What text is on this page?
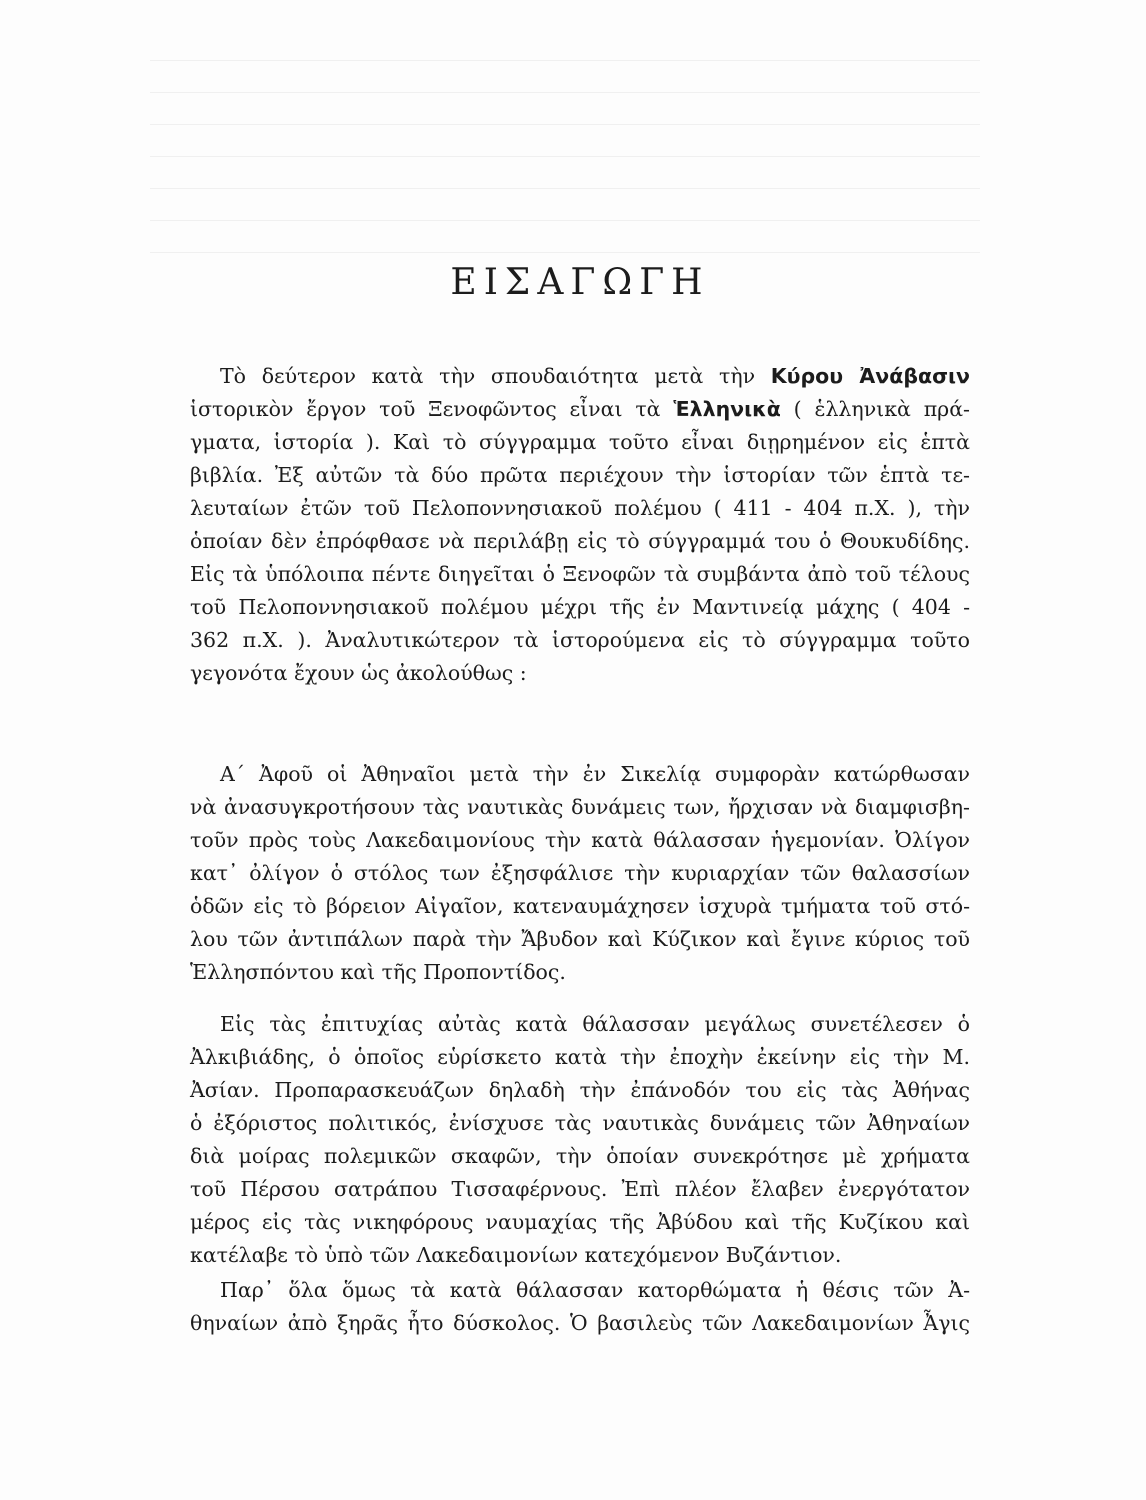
ΕΙΣΑΓΩΓΗ

Τὸ δεύτερον κατὰ τὴν σπουδαιότητα μετὰ τὴν Κύρου Ἀνάβασιν
ἱστορικὸν ἔργον τοῦ Ξενοφῶντος εἶναι τὰ Ἑλληνικὰ ( ἑλληνικὰ πρά-
γματα, ἱστορία ). Καὶ τὸ σύγγραμμα τοῦτο εἶναι διῃρημένον εἰς ἑπτὰ
βιβλία. Ἐξ αὐτῶν τὰ δύο πρῶτα περιέχουν τὴν ἱστορίαν τῶν ἑπτὰ τε-
λευταίων ἐτῶν τοῦ Πελοποννησιακοῦ πολέμου ( 411 - 404 π.Χ. ), τὴν
ὁποίαν δὲν ἐπρόφθασε νὰ περιλάβῃ εἰς τὸ σύγγραμμά του ὁ Θουκυδίδης.
Εἰς τὰ ὑπόλοιπα πέντε διηγεῖται ὁ Ξενοφῶν τὰ συμβάντα ἀπὸ τοῦ τέλους
τοῦ Πελοποννησιακοῦ πολέμου μέχρι τῆς ἐν Μαντινείᾳ μάχης ( 404 -
362 π.Χ. ). Ἀναλυτικώτερον τὰ ἱστορούμενα εἰς τὸ σύγγραμμα τοῦτο
γεγονότα ἔχουν ὡς ἀκολούθως :

Α΄ Ἀφοῦ οἱ Ἀθηναῖοι μετὰ τὴν ἐν Σικελίᾳ συμφορὰν κατώρθωσαν
νὰ ἀνασυγκροτήσουν τὰς ναυτικὰς δυνάμεις των, ἤρχισαν νὰ διαμφισβη-
τοῦν πρὸς τοὺς Λακεδαιμονίους τὴν κατὰ θάλασσαν ἡγεμονίαν. Ὀλίγον
κατ᾽ ὀλίγον ὁ στόλος των ἐξησφάλισε τὴν κυριαρχίαν τῶν θαλασσίων
ὁδῶν εἰς τὸ βόρειον Αἰγαῖον, κατεναυμάχησεν ἰσχυρὰ τμήματα τοῦ στό-
λου τῶν ἀντιπάλων παρὰ τὴν Ἄβυδον καὶ Κύζικον καὶ ἔγινε κύριος τοῦ
Ἑλλησπόντου καὶ τῆς Προποντίδος.

Εἰς τὰς ἐπιτυχίας αὐτὰς κατὰ θάλασσαν μεγάλως συνετέλεσεν ὁ
Ἀλκιβιάδης, ὁ ὁποῖος εὑρίσκετο κατὰ τὴν ἐποχὴν ἐκείνην εἰς τὴν Μ.
Ἀσίαν. Προπαρασκευάζων δηλαδὴ τὴν ἐπάνοδόν του εἰς τὰς Ἀθήνας
ὁ ἐξόριστος πολιτικός, ἐνίσχυσε τὰς ναυτικὰς δυνάμεις τῶν Ἀθηναίων
διὰ μοίρας πολεμικῶν σκαφῶν, τὴν ὁποίαν συνεκρότησε μὲ χρήματα
τοῦ Πέρσου σατράπου Τισσαφέρνους. Ἐπὶ πλέον ἔλαβεν ἐνεργότατον
μέρος εἰς τὰς νικηφόρους ναυμαχίας τῆς Ἀβύδου καὶ τῆς Κυζίκου καὶ
κατέλαβε τὸ ὑπὸ τῶν Λακεδαιμονίων κατεχόμενον Βυζάντιον.

Παρ᾽ ὅλα ὅμως τὰ κατὰ θάλασσαν κατορθώματα ἡ θέσις τῶν Ἀ-
θηναίων ἀπὸ ξηρᾶς ἦτο δύσκολος. Ὁ βασιλεὺς τῶν Λακεδαιμονίων Ἆγις
